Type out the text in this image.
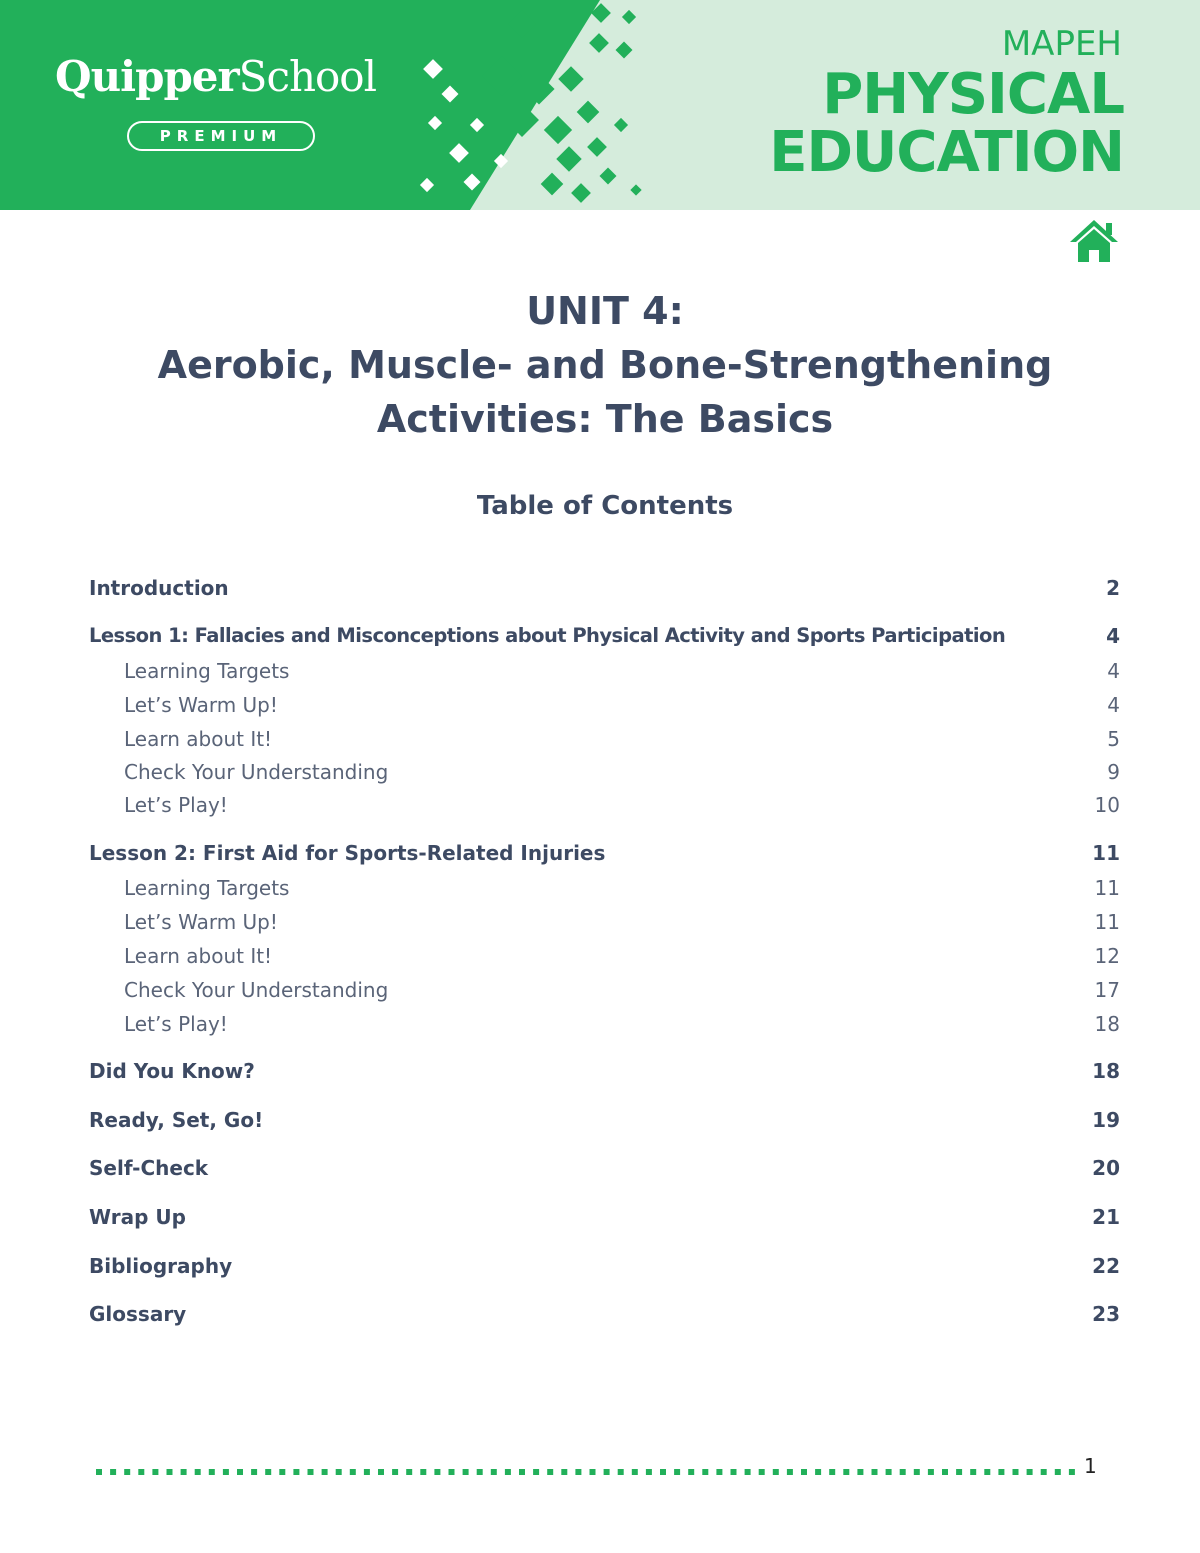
QuipperSchool
PREMIUM
MAPEH
PHYSICAL
EDUCATION
UNIT 4:
Aerobic, Muscle- and Bone-Strengthening
Activities: The Basics
Table of Contents
Introduction	2
Lesson 1: Fallacies and Misconceptions about Physical Activity and Sports Participation	4
Learning Targets	4
Let’s Warm Up!	4
Learn about It!	5
Check Your Understanding	9
Let’s Play!	10
Lesson 2: First Aid for Sports-Related Injuries	11
Learning Targets	11
Let’s Warm Up!	11
Learn about It!	12
Check Your Understanding	17
Let’s Play!	18
Did You Know?	18
Ready, Set, Go!	19
Self-Check	20
Wrap Up	21
Bibliography	22
Glossary	23
1
